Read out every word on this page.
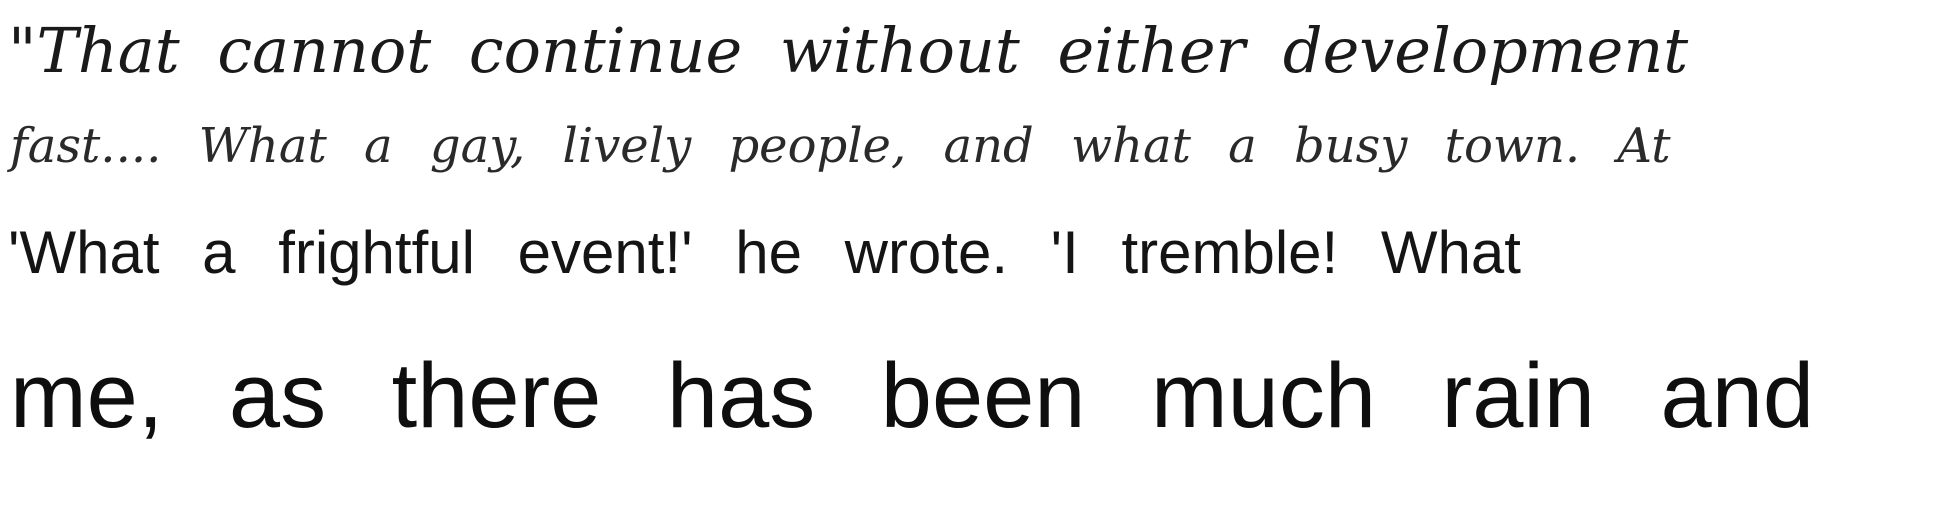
"That cannot continue without either development
fast.... What a gay, lively people, and what a busy town. At
'What a frightful event!' he wrote. 'I tremble! What
me, as there has been much rain and
